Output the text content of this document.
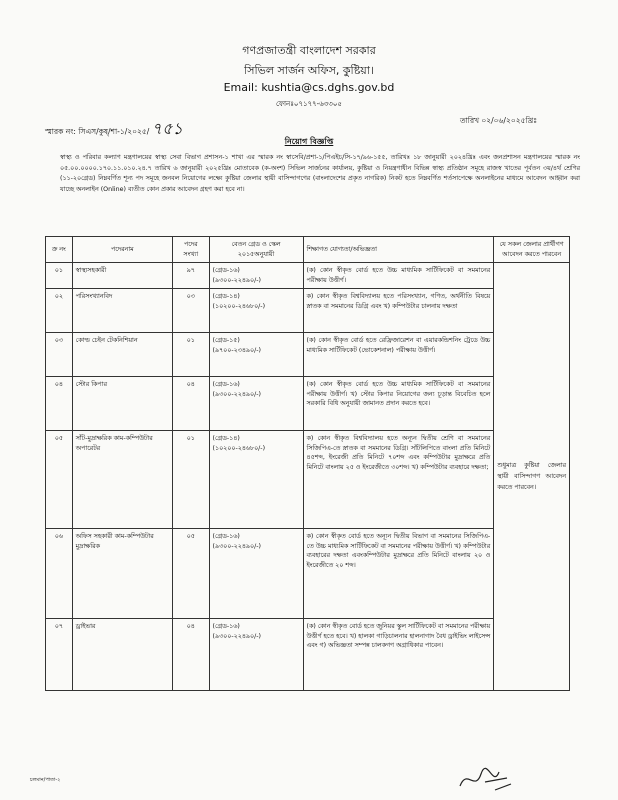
গণপ্রজাতন্ত্রী বাংলাদেশ সরকার
সিভিল সার্জন অফিস, কুষ্টিয়া।
Email: kushtia@cs.dghs.gov.bd
ফোনঃ০৭১৭৭-৬৩৩০৫
স্মারক নং: সিএস/কুষ্/শা-১/২০২৫/ ৭৫১	তারিখ ০২/০৬/২০২৫খ্রিঃ
নিয়োগ বিজ্ঞপ্তি
স্বাস্থ্য ও পরিবার কল্যাণ মন্ত্রণালয়ের স্বাস্থ্য সেবা বিভাগ প্রশাসন-১ শাখা এর স্মারক নং স্বাসেবি/প্রশা-১/পিএইচ/সি-১৭/৯৬-১৫৫, তারিখঃ ১৮ জানুয়ারী ২০২৪খ্রিঃ এবং জনপ্রশাসন মন্ত্রণালয়ের স্মারক নং ০৫.০০.০০০০.১৭০.১১.০১০.২৪.৭ তারিখ ৬ জানুয়ারী ২০২৫খ্রিঃ মোতাবেক (ক-অংশ) সিভিল সার্জনের কার্যালয়, কুষ্টিয়া ও নিয়ন্ত্রণাধীন বিভিন্ন স্বাস্থ্য প্রতিষ্ঠান সমূহে রাজস্ব খাতের পূর্বতন ৩য়/৪র্থ শ্রেণির (১১-২০গ্রেড) নিম্নবর্ণিত শূন্য পদ সমূহে জনবল নিয়োগের লক্ষ্যে কুষ্টিয়া জেলার স্থায়ী বাসিন্দাগণের (বাংলাদেশের প্রকৃত নাগরিক) নিকট হতে নিম্নবর্ণিত শর্তসাপেক্ষে অনলাইনের মাধ্যমে আবেদন আহ্বান করা যাচ্ছে অনলাইন (Online) ব্যতীত কোন প্রকার আবেদন গ্রহণ করা হবে না।
ক্র নং	পদেরনাম	পদের সংখ্যা	বেতন গ্রেড ও স্কেল ২০১৫অনুযায়ী	শিক্ষাগত যোগ্যতা/অভিজ্ঞতা	যে সকল জেলার প্রার্থীগণ আবেদন করতে পারবেন
০১	স্বাস্থ্যসহকারী	৯৭	(গ্রেড-১৬)
(৯৩০০-২২৪৯০/-)	(ক) কোন স্বীকৃত বোর্ড হতে উচ্চ মাধ্যমিক সার্টিফিকেট বা সমমানের পরীক্ষায় উত্তীর্ণ।	শুধুমাত্র কুষ্টিয়া জেলার স্থায়ী বাসিন্দাগণ আবেদন করতে পারবেন।
০২	পরিসংখ্যানবিদ	০৩	(গ্রেড-১৪)
(১০২০০-২৪৬৮০/-)	ক) কোন স্বীকৃত বিশ্ববিদ্যালয় হতে পরিসংখ্যান, গণিত, অর্থনীতি বিষয়ে স্নাতক বা সমমানের ডিগ্রি এবং খ) কম্পিউটার চালনায় দক্ষতা	
০৩	কোল্ড চেইন টেকনিশিয়ান	০১	(গ্রেড-১৫)
(৯৭০০-২৩৪৯০/-)	(ক) কোন স্বীকৃত বোর্ড হতে রেফ্রিজারেশন বা এয়ারকন্ডিশনিং ট্রেডে উচ্চ মাধ্যমিক সার্টিফিকেট (ভোকেশনাল) পরীক্ষায় উত্তীর্ণ।	
০৪	স্টোর কিপার	০৪	(গ্রেড-১৬)
(৯৩০০-২২৪৯০/-)	(ক) কোন স্বীকৃত বোর্ড হতে উচ্চ মাধ্যমিক সার্টিফিকেট বা সমমানের পরীক্ষায় উত্তীর্ণ। খ) স্টোর কিপার নিয়োগের জন্য চূড়ান্ত বিবেচিত হলে সরকারি বিধি অনুযায়ী জামানত প্রদান করতে হবে।	
০৫	সাঁট-মুদ্রাক্ষরিক কাম-কম্পিউটার অপারেটর	০১	(গ্রেড-১৪)
(১০২০০-২৪৬৮০/-)	ক) কোন স্বীকৃত বিশ্ববিদ্যালয় হতে অন্যূন দ্বিতীয় শ্রেণি বা সমমানের সিজিপিএ-তে স্নাতক বা সমমানের ডিগ্রি। সাঁটলিপিতে বাংলা প্রতি মিনিটে ৪৫শব্দ, ইংরেজী প্রতি মিনিটে ৭০শব্দ এবং কম্পিউটার মুদ্রাক্ষরে প্রতি মিনিটে বাংলায় ২৫ ও ইংরেজীতে ৩০শব্দ। খ) কম্পিউটার ব্যবহারে দক্ষতা;	
০৬	অফিস সহকারী কাম-কম্পিউটার মুদ্রাক্ষরিক	০৫	(গ্রেড-১৬)
(৯৩০০-২২৪৯০/-)	ক) কোন স্বীকৃত বোর্ড হতে অন্যূন দ্বিতীয় বিভাগ বা সমমানের সিজিপিএ-তে উচ্চ মাধ্যমিক সার্টিফিকেট বা সমমানের পরীক্ষায় উত্তীর্ণ। খ) কম্পিউটার ব্যবহারের দক্ষতা এবংকম্পিউটার মুদ্রাক্ষরে প্রতি মিনিটে বাংলায় ২০ ও ইংরেজীতে ২০ শব্দ।	
০৭	ড্রাইভার	০৪	(গ্রেড-১৬)
(৯৩০০-২২৪৯০/-)	(ক) কোন স্বীকৃত বোর্ড হতে জুনিয়র স্কুল সার্টিফিকেট বা সমমানের পরীক্ষায় উত্তীর্ণ হতে হবে। খ) হালকা গাড়িচালনার হালনাগাদ বৈধ ড্রাইভিং লাইসেন্স এবং গ) অভিজ্ঞতা সম্পন্ন চালকগণ অগ্রাধিকার পাবেন।	
চলমান/পাতা-২
